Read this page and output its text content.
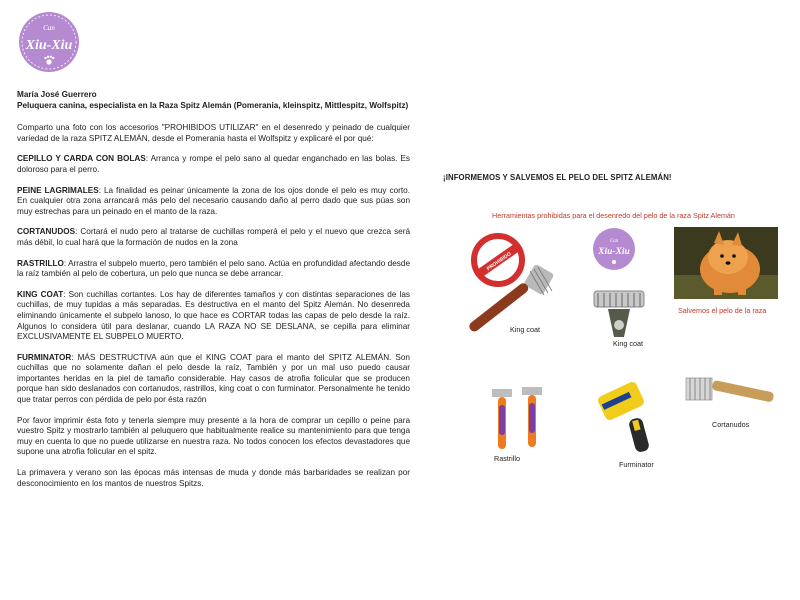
Can
Xiu-Xiu
María José Guerrero
Peluquera canina, especialista en la Raza Spitz Alemán (Pomerania, kleinspitz, Mittlespitz, Wolfspitz)

Comparto una foto con los accesorios "PROHIBIDOS UTILIZAR" en el desenredo y peinado de cualquier variedad de la raza SPITZ ALEMÁN, desde el Pomerania hasta el Wolfspitz y explicaré el por qué:

CEPILLO Y CARDA CON BOLAS: Arranca y rompe el pelo sano al quedar enganchado en las bolas. Es doloroso para el perro.

PEINE LAGRIMALES: La finalidad es peinar únicamente la zona de los ojos donde el pelo es muy corto. En cualquier otra zona arrancará más pelo del necesario causando daño al perro dado que sus púas son muy estrechas para un peinado en el manto de la raza.

CORTANUDOS: Cortará el nudo pero al tratarse de cuchillas romperá el pelo y el nuevo que crezca será más débil, lo cual hará que la formación de nudos en la zona

RASTRILLO: Arrastra el subpelo muerto, pero también el pelo sano. Actúa en profundidad afectando desde la raíz también al pelo de cobertura, un pelo que nunca se debe arrancar.

KING COAT: Son cuchillas cortantes. Los hay de diferentes tamaños y con distintas separaciones de las cuchillas, de muy tupidas a más separadas. Es destructiva en el manto del Spitz Alemán. No desenreda eliminando únicamente el subpelo lanoso, lo que hace es CORTAR todas las capas de pelo desde la raíz. Algunos lo considera útil para deslanar, cuando LA RAZA NO SE DESLANA, se cepilla para eliminar EXCLUSIVAMENTE EL SUBPELO MUERTO.

FURMINATOR: MÁS DESTRUCTIVA aún que el KING COAT para el manto del SPITZ ALEMÁN. Son cuchillas que no solamente dañan el pelo desde la raíz, También y por un mal uso puedo causar importantes heridas en la piel de tamaño considerable. Hay casos de atrofia folicular que se producen porque han sido deslanados con cortanudos, rastrillos, king coat o con furminator. Personalmente he tenido que tratar perros con pérdida de pelo por ésta razón

Por favor imprimir ésta foto y tenerla siempre muy presente a la hora de comprar un cepillo o peine para vuestro Spitz y mostrarlo también al peluquero que habitualmente realice su mantenimiento para que tenga muy en cuenta lo que no puede utilizarse en nuestra raza. No todos conocen los efectos devastadores que supone una atrofia folicular en el spitz.

La primavera y verano son las épocas más intensas de muda y donde más barbaridades se realizan por desconocimiento en los mantos de nuestros Spitzs.

¡INFORMEMOS Y SALVEMOS EL PELO DEL SPITZ ALEMÁN!
Herramientas prohibidas para el desenredo del pelo de la raza Spitz Alemán
PROHIBIDO
Can
Xiu-Xiu
Salvemos el pelo de la raza
King coat
King coat
Rastrillo
Furminator
Cortanudos
